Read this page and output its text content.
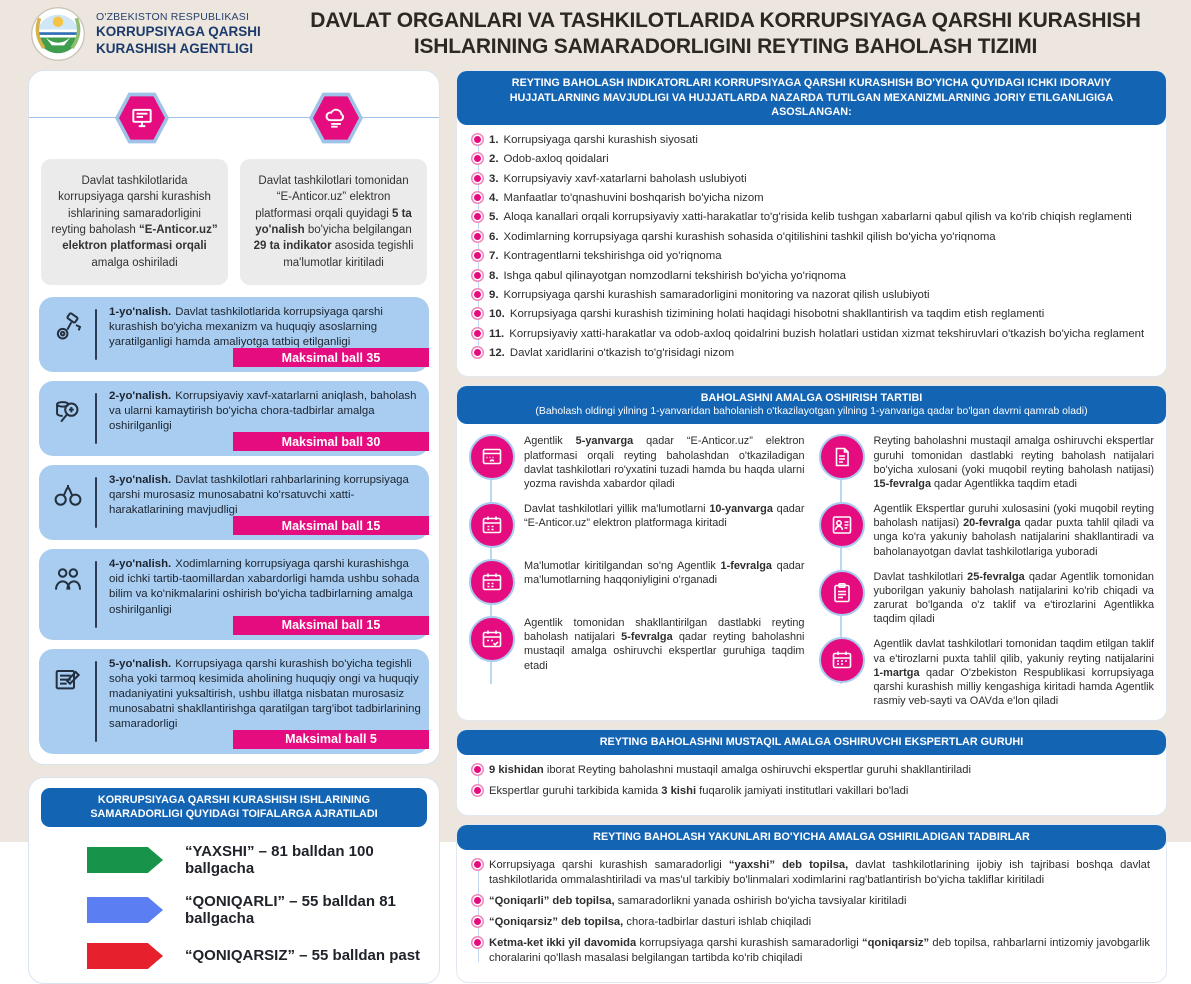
O'ZBEKISTON RESPUBLIKASI
KORRUPSIYAGA QARSHI
KURASHISH AGENTLIGI
DAVLAT ORGANLARI VA TASHKILOTLARIDA KORRUPSIYAGA QARSHI KURASHISH
ISHLARINING SAMARADORLIGINI REYTING BAHOLASH TIZIMI
Davlat tashkilotlarida korrupsiyaga qarshi kurashish ishlarining samaradorligini reyting baholash “E-Anticor.uz” elektron platformasi orqali amalga oshiriladi
Davlat tashkilotlari tomonidan “E-Anticor.uz” elektron platformasi orqali quyidagi 5 ta yo'nalish bo'yicha belgilangan 29 ta indikator asosida tegishli ma'lumotlar kiritiladi
1-yo'nalish. Davlat tashkilotlarida korrupsiyaga qarshi kurashish bo'yicha mexanizm va huquqiy asoslarning yaratilganligi hamda amaliyotga tatbiq etilganligi
Maksimal ball 35
2-yo'nalish. Korrupsiyaviy xavf-xatarlarni aniqlash, baholash va ularni kamaytirish bo'yicha chora-tadbirlar amalga oshirilganligi
Maksimal ball 30
3-yo'nalish. Davlat tashkilotlari rahbarlarining korrupsiyaga qarshi murosasiz munosabatni ko'rsatuvchi xatti-harakatlarining mavjudligi
Maksimal ball 15
4-yo'nalish. Xodimlarning korrupsiyaga qarshi kurashishga oid ichki tartib-taomillardan xabardorligi hamda ushbu sohada bilim va ko'nikmalarini oshirish bo'yicha tadbirlarning amalga oshirilganligi
Maksimal ball 15
5-yo'nalish. Korrupsiyaga qarshi kurashish bo'yicha tegishli soha yoki tarmoq kesimida aholining huquqiy ongi va huquqiy madaniyatini yuksaltirish, ushbu illatga nisbatan murosasiz munosabatni shakllantirishga qaratilgan targ'ibot tadbirlarining samaradorligi
Maksimal ball 5
KORRUPSIYAGA QARSHI KURASHISH ISHLARINING SAMARADORLIGI QUYIDAGI TOIFALARGA AJRATILADI
“YAXSHI” – 81 balldan 100 ballgacha
“QONIQARLI” – 55 balldan 81 ballgacha
“QONIQARSIZ” – 55 balldan past
REYTING BAHOLASH INDIKATORLARI KORRUPSIYAGA QARSHI KURASHISH BO'YICHA QUYIDAGI ICHKI IDORAVIY HUJJATLARNING MAVJUDLIGI VA HUJJATLARDA NAZARDA TUTILGAN MEXANIZMLARNING JORIY ETILGANLIGIGA ASOSLANGAN:
1. Korrupsiyaga qarshi kurashish siyosati
2. Odob-axloq qoidalari
3. Korrupsiyaviy xavf-xatarlarni baholash uslubiyoti
4. Manfaatlar to'qnashuvini boshqarish bo'yicha nizom
5. Aloqa kanallari orqali korrupsiyaviy xatti-harakatlar to'g'risida kelib tushgan xabarlarni qabul qilish va ko'rib chiqish reglamenti
6. Xodimlarning korrupsiyaga qarshi kurashish sohasida o'qitilishini tashkil qilish bo'yicha yo'riqnoma
7. Kontragentlarni tekshirishga oid yo'riqnoma
8. Ishga qabul qilinayotgan nomzodlarni tekshirish bo'yicha yo'riqnoma
9. Korrupsiyaga qarshi kurashish samaradorligini monitoring va nazorat qilish uslubiyoti
10. Korrupsiyaga qarshi kurashish tizimining holati haqidagi hisobotni shakllantirish va taqdim etish reglamenti
11. Korrupsiyaviy xatti-harakatlar va odob-axloq qoidalrini buzish holatlari ustidan xizmat tekshiruvlari o'tkazish bo'yicha reglament
12. Davlat xaridlarini o'tkazish to'g'risidagi nizom
BAHOLASHNI AMALGA OSHIRISH TARTIBI
(Baholash oldingi yilning 1-yanvaridan baholanish o'tkazilayotgan yilning 1-yanvariga qadar bo'lgan davrni qamrab oladi)
Agentlik 5-yanvarga qadar “E-Anticor.uz” elektron platformasi orqali reyting baholashdan o'tkaziladigan davlat tashkilotlari ro'yxatini tuzadi hamda bu haqda ularni yozma ravishda xabardor qiladi
Davlat tashkilotlari yillik ma'lumotlarni 10-yanvarga qadar “E-Anticor.uz” elektron platformaga kiritadi
Ma'lumotlar kiritilgandan so'ng Agentlik 1-fevralga qadar ma'lumotlarning haqqoniyligini o'rganadi
Agentlik tomonidan shakllantirilgan dastlabki reyting baholash natijalari 5-fevralga qadar reyting baholashni mustaqil amalga oshiruvchi ekspertlar guruhiga taqdim etadi
Reyting baholashni mustaqil amalga oshiruvchi ekspertlar guruhi tomonidan dastlabki reyting baholash natijalari bo'yicha xulosani (yoki muqobil reyting baholash natijasi) 15-fevralga qadar Agentlikka taqdim etadi
Agentlik Ekspertlar guruhi xulosasini (yoki muqobil reyting baholash natijasi) 20-fevralga qadar puxta tahlil qiladi va unga ko'ra yakuniy baholash natijalarini shakllantiradi va baholanayotgan davlat tashkilotlariga yuboradi
Davlat tashkilotlari 25-fevralga qadar Agentlik tomonidan yuborilgan yakuniy baholash natijalarini ko'rib chiqadi va zarurat bo'lganda o'z taklif va e'tirozlarini Agentlikka taqdim qiladi
Agentlik davlat tashkilotlari tomonidan taqdim etilgan taklif va e'tirozlarni puxta tahlil qilib, yakuniy reyting natijalarini 1-martga qadar O'zbekiston Respublikasi korrupsiyaga qarshi kurashish milliy kengashiga kiritadi hamda Agentlik rasmiy veb-sayti va OAVda e'lon qiladi
REYTING BAHOLASHNI MUSTAQIL AMALGA OSHIRUVCHI EKSPERTLAR GURUHI
9 kishidan iborat Reyting baholashni mustaqil amalga oshiruvchi ekspertlar guruhi shakllantiriladi
Ekspertlar guruhi tarkibida kamida 3 kishi fuqarolik jamiyati institutlari vakillari bo'ladi
REYTING BAHOLASH YAKUNLARI BO'YICHA AMALGA OSHIRILADIGAN TADBIRLAR
Korrupsiyaga qarshi kurashish samaradorligi “yaxshi” deb topilsa, davlat tashkilotlarining ijobiy ish tajribasi boshqa davlat tashkilotlarida ommalashtiriladi va mas'ul tarkibiy bo'linmalari xodimlarini rag'batlantirish bo'yicha takliflar kiritiladi
“Qoniqarli” deb topilsa, samaradorlikni yanada oshirish bo'yicha tavsiyalar kiritiladi
“Qoniqarsiz” deb topilsa, chora-tadbirlar dasturi ishlab chiqiladi
Ketma-ket ikki yil davomida korrupsiyaga qarshi kurashish samaradorligi “qoniqarsiz” deb topilsa, rahbarlarni intizomiy javobgarlik choralarini qo'llash masalasi belgilangan tartibda ko'rib chiqiladi
